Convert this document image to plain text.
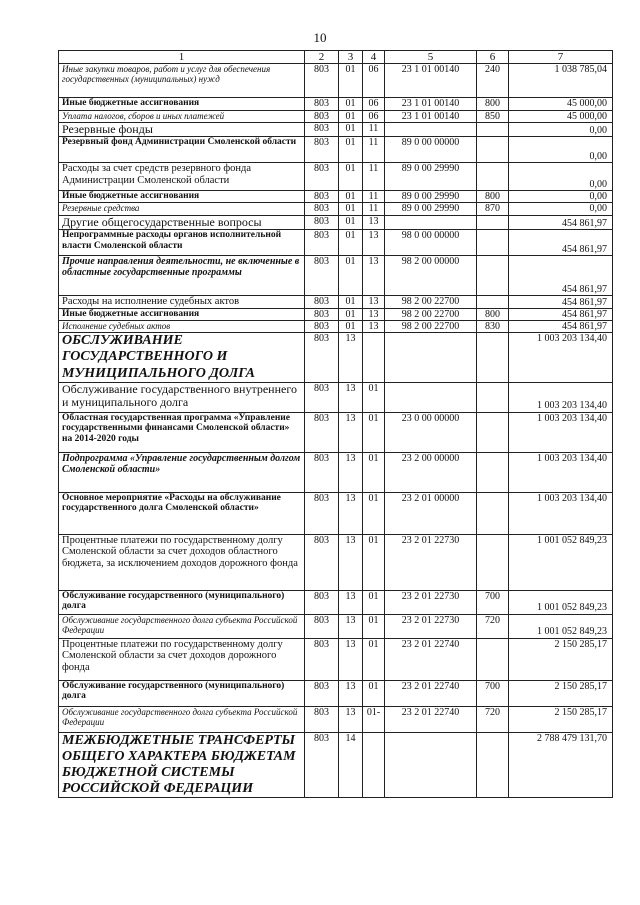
10
1	2	3	4	5	6	7
Иные закупки товаров, работ и услуг для обеспечения государственных (муниципальных) нужд	803	01	06	23 1 01 00140	240	1 038 785,04
Иные бюджетные ассигнования	803	01	06	23 1 01 00140	800	45 000,00
Уплата налогов, сборов и иных платежей	803	01	06	23 1 01 00140	850	45 000,00
Резервные фонды	803	01	11			0,00
Резервный фонд Администрации Смоленской области	803	01	11	89 0 00 00000		0,00
Расходы за счет средств резервного фонда Администрации Смоленской области	803	01	11	89 0 00 29990		0,00
Иные бюджетные ассигнования	803	01	11	89 0 00 29990	800	0,00
Резервные средства	803	01	11	89 0 00 29990	870	0,00
Другие общегосударственные вопросы	803	01	13			454 861,97
Непрограммные расходы органов исполнительной власти Смоленской области	803	01	13	98 0 00 00000		454 861,97
Прочие направления деятельности, не включенные в областные государственные программы	803	01	13	98 2 00 00000		454 861,97
Расходы на исполнение судебных актов	803	01	13	98 2 00 22700		454 861,97
Иные бюджетные ассигнования	803	01	13	98 2 00 22700	800	454 861,97
Исполнение судебных актов	803	01	13	98 2 00 22700	830	454 861,97
ОБСЛУЖИВАНИЕ ГОСУДАРСТВЕННОГО И МУНИЦИПАЛЬНОГО ДОЛГА	803	13				1 003 203 134,40
Обслуживание государственного внутреннего и муниципального долга	803	13	01			1 003 203 134,40
Областная государственная программа «Управление государственными финансами Смоленской области» на 2014-2020 годы	803	13	01	23 0 00 00000		1 003 203 134,40
Подпрограмма «Управление государственным долгом Смоленской области»	803	13	01	23 2 00 00000		1 003 203 134,40
Основное мероприятие «Расходы на обслуживание государственного долга Смоленской области»	803	13	01	23 2 01 00000		1 003 203 134,40
Процентные платежи по государственному долгу Смоленской области за счет доходов областного бюджета, за исключением доходов дорожного фонда	803	13	01	23 2 01 22730		1 001 052 849,23
Обслуживание государственного (муниципального) долга	803	13	01	23 2 01 22730	700	1 001 052 849,23
Обслуживание государственного долга субъекта Российской Федерации	803	13	01	23 2 01 22730	720	1 001 052 849,23
Процентные платежи по государственному долгу Смоленской области за счет доходов дорожного фонда	803	13	01	23 2 01 22740		2 150 285,17
Обслуживание государственного (муниципального) долга	803	13	01	23 2 01 22740	700	2 150 285,17
Обслуживание государственного долга субъекта Российской Федерации	803	13	01-	23 2 01 22740	720	2 150 285,17
МЕЖБЮДЖЕТНЫЕ ТРАНСФЕРТЫ ОБЩЕГО ХАРАКТЕРА БЮДЖЕТАМ БЮДЖЕТНОЙ СИСТЕМЫ РОССИЙСКОЙ ФЕДЕРАЦИИ	803	14				2 788 479 131,70
